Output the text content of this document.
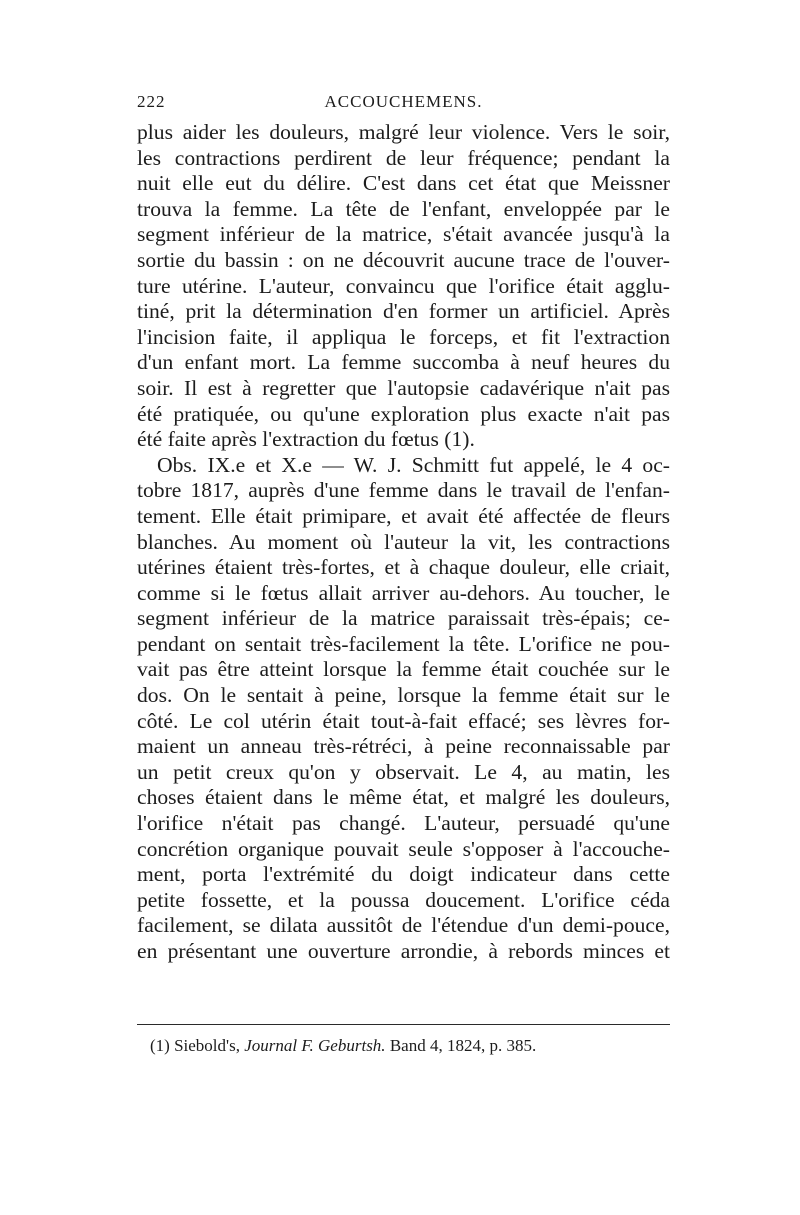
222	ACCOUCHEMENS.
plus aider les douleurs, malgré leur violence. Vers le soir,
les contractions perdirent de leur fréquence; pendant la
nuit elle eut du délire. C'est dans cet état que Meissner
trouva la femme. La tête de l'enfant, enveloppée par le
segment inférieur de la matrice, s'était avancée jusqu'à la
sortie du bassin : on ne découvrit aucune trace de l'ouver-
ture utérine. L'auteur, convaincu que l'orifice était agglu-
tiné, prit la détermination d'en former un artificiel. Après
l'incision faite, il appliqua le forceps, et fit l'extraction
d'un enfant mort. La femme succomba à neuf heures du
soir. Il est à regretter que l'autopsie cadavérique n'ait pas
été pratiquée, ou qu'une exploration plus exacte n'ait pas
été faite après l'extraction du fœtus (1).
Obs. IX.e et X.e — W. J. Schmitt fut appelé, le 4 oc-
tobre 1817, auprès d'une femme dans le travail de l'enfan-
tement. Elle était primipare, et avait été affectée de fleurs
blanches. Au moment où l'auteur la vit, les contractions
utérines étaient très-fortes, et à chaque douleur, elle criait,
comme si le fœtus allait arriver au-dehors. Au toucher, le
segment inférieur de la matrice paraissait très-épais; ce-
pendant on sentait très-facilement la tête. L'orifice ne pou-
vait pas être atteint lorsque la femme était couchée sur le
dos. On le sentait à peine, lorsque la femme était sur le
côté. Le col utérin était tout-à-fait effacé; ses lèvres for-
maient un anneau très-rétréci, à peine reconnaissable par
un petit creux qu'on y observait. Le 4, au matin, les
choses étaient dans le même état, et malgré les douleurs,
l'orifice n'était pas changé. L'auteur, persuadé qu'une
concrétion organique pouvait seule s'opposer à l'accouche-
ment, porta l'extrémité du doigt indicateur dans cette
petite fossette, et la poussa doucement. L'orifice céda
facilement, se dilata aussitôt de l'étendue d'un demi-pouce,
en présentant une ouverture arrondie, à rebords minces et
(1) Siebold's, Journal F. Geburtsh. Band 4, 1824, p. 385.
